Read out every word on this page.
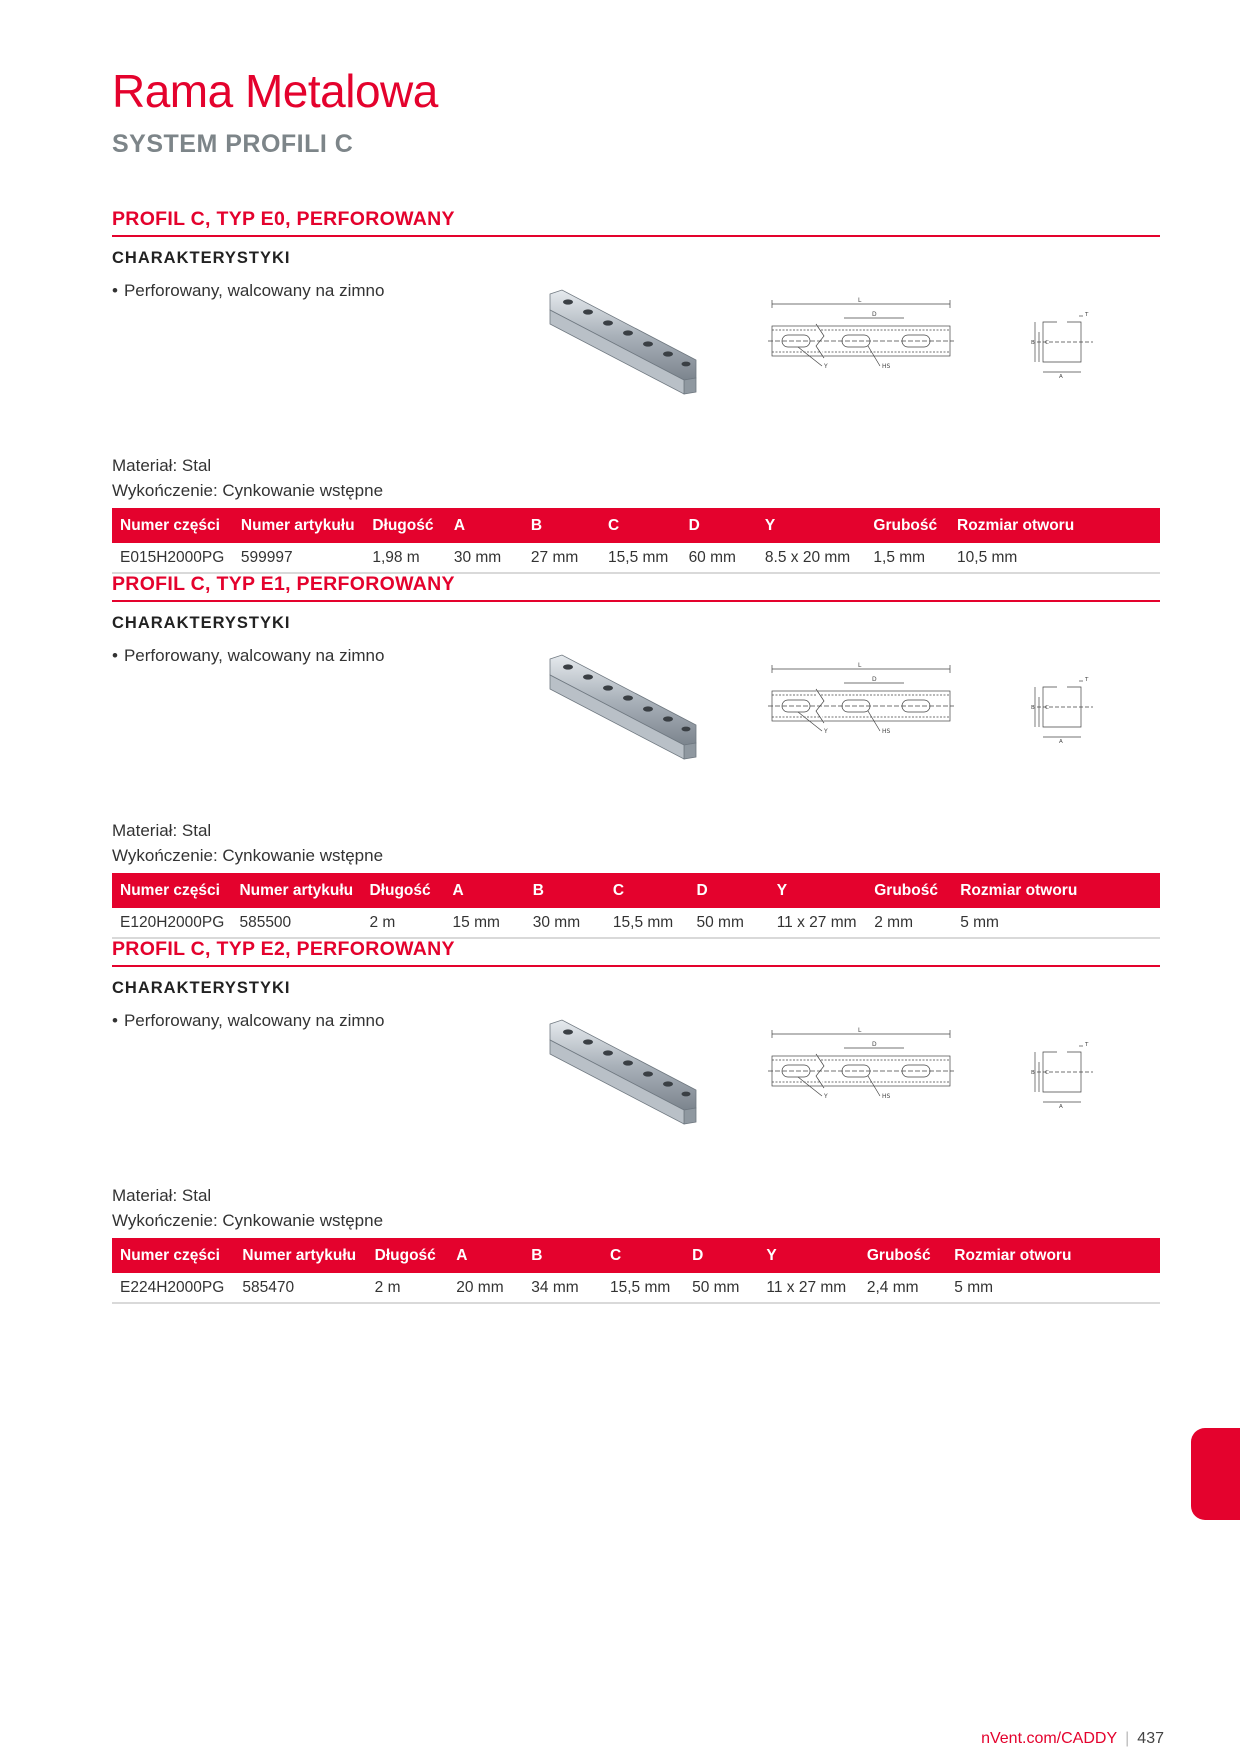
Rama Metalowa
SYSTEM PROFILI C
PROFIL C, TYP E0, PERFOROWANY
CHARAKTERYSTYKI
• Perforowany, walcowany na zimno
L
D
Y	HS
B C
A
T
Materiał: Stal
Wykończenie: Cynkowanie wstępne
Numer części	Numer artykułu	Długość	A	B	C	D	Y	Grubość	Rozmiar otworu
E015H2000PG	599997	1,98 m	30 mm	27 mm	15,5 mm	60 mm	8.5 x 20 mm	1,5 mm	10,5 mm
PROFIL C, TYP E1, PERFOROWANY
CHARAKTERYSTYKI
• Perforowany, walcowany na zimno
L
D
Y	HS
B C
A
T
Materiał: Stal
Wykończenie: Cynkowanie wstępne
Numer części	Numer artykułu	Długość	A	B	C	D	Y	Grubość	Rozmiar otworu
E120H2000PG	585500	2 m	15 mm	30 mm	15,5 mm	50 mm	11 x 27 mm	2 mm	5 mm
PROFIL C, TYP E2, PERFOROWANY
CHARAKTERYSTYKI
• Perforowany, walcowany na zimno
L
D
Y	HS
B C
A
T
Materiał: Stal
Wykończenie: Cynkowanie wstępne
Numer części	Numer artykułu	Długość	A	B	C	D	Y	Grubość	Rozmiar otworu
E224H2000PG	585470	2 m	20 mm	34 mm	15,5 mm	50 mm	11 x 27 mm	2,4 mm	5 mm
nVent.com/CADDY | 437
